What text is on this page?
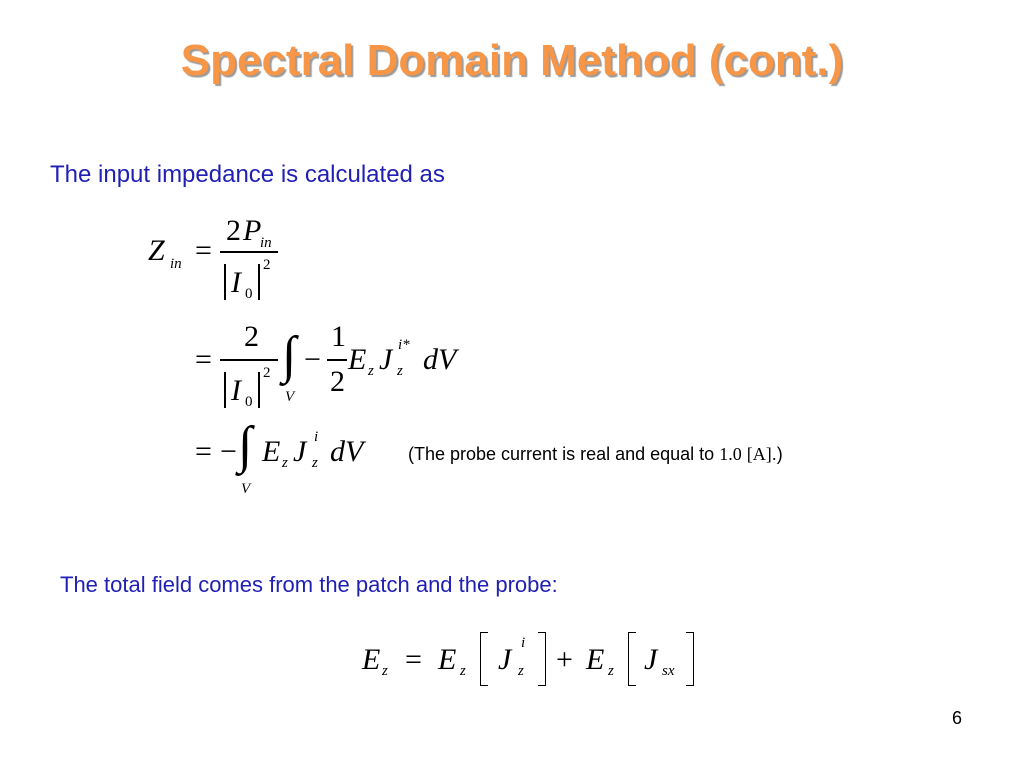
Spectral Domain Method (cont.)
The input impedance is calculated as
Z in =
2 P
in
I 0
2
=
2
I 0
2 ∫
V
−
1
2
E z J z
i* dV
= − ∫
V
E z J z
i dV (The probe current is real and equal to 1.0 [A].)
The total field comes from the patch and the probe:
E z = E z J z
i + E z J sx
6
